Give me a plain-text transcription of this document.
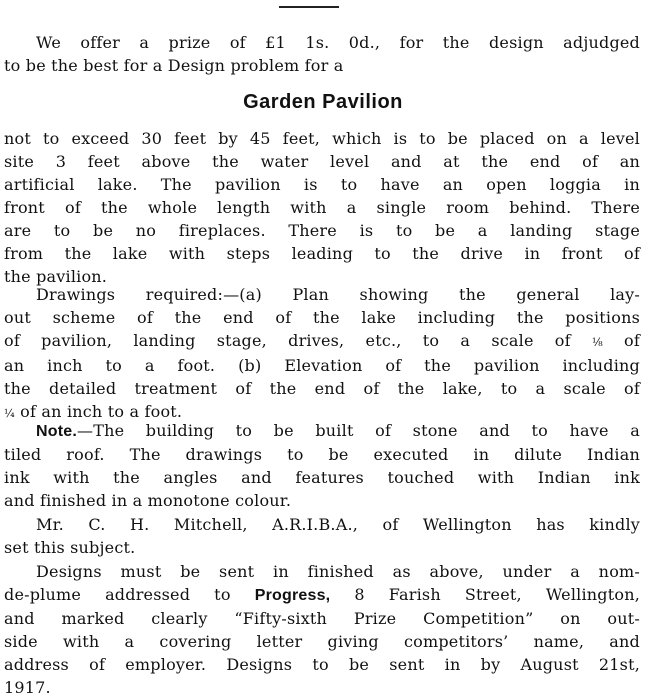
We offer a prize of £1 1s. 0d., for the design adjudged
to be the best for a Design problem for a
Garden Pavilion
not to exceed 30 feet by 45 feet, which is to be placed on a level
site 3 feet above the water level and at the end of an
artificial lake. The pavilion is to have an open loggia in
front of the whole length with a single room behind. There
are to be no fireplaces. There is to be a landing stage
from the lake with steps leading to the drive in front of
the pavilion.
Drawings required:—(a) Plan showing the general lay-
out scheme of the end of the lake including the positions
of pavilion, landing stage, drives, etc., to a scale of ⅛ of
an inch to a foot. (b) Elevation of the pavilion including
the detailed treatment of the end of the lake, to a scale of
¼ of an inch to a foot.
Note.—The building to be built of stone and to have a
tiled roof. The drawings to be executed in dilute Indian
ink with the angles and features touched with Indian ink
and finished in a monotone colour.
Mr. C. H. Mitchell, A.R.I.B.A., of Wellington has kindly
set this subject.
Designs must be sent in finished as above, under a nom-
de-plume addressed to Progress, 8 Farish Street, Wellington,
and marked clearly “Fifty-sixth Prize Competition” on out-
side with a covering letter giving competitors’ name, and
address of employer. Designs to be sent in by August 21st,
1917.
